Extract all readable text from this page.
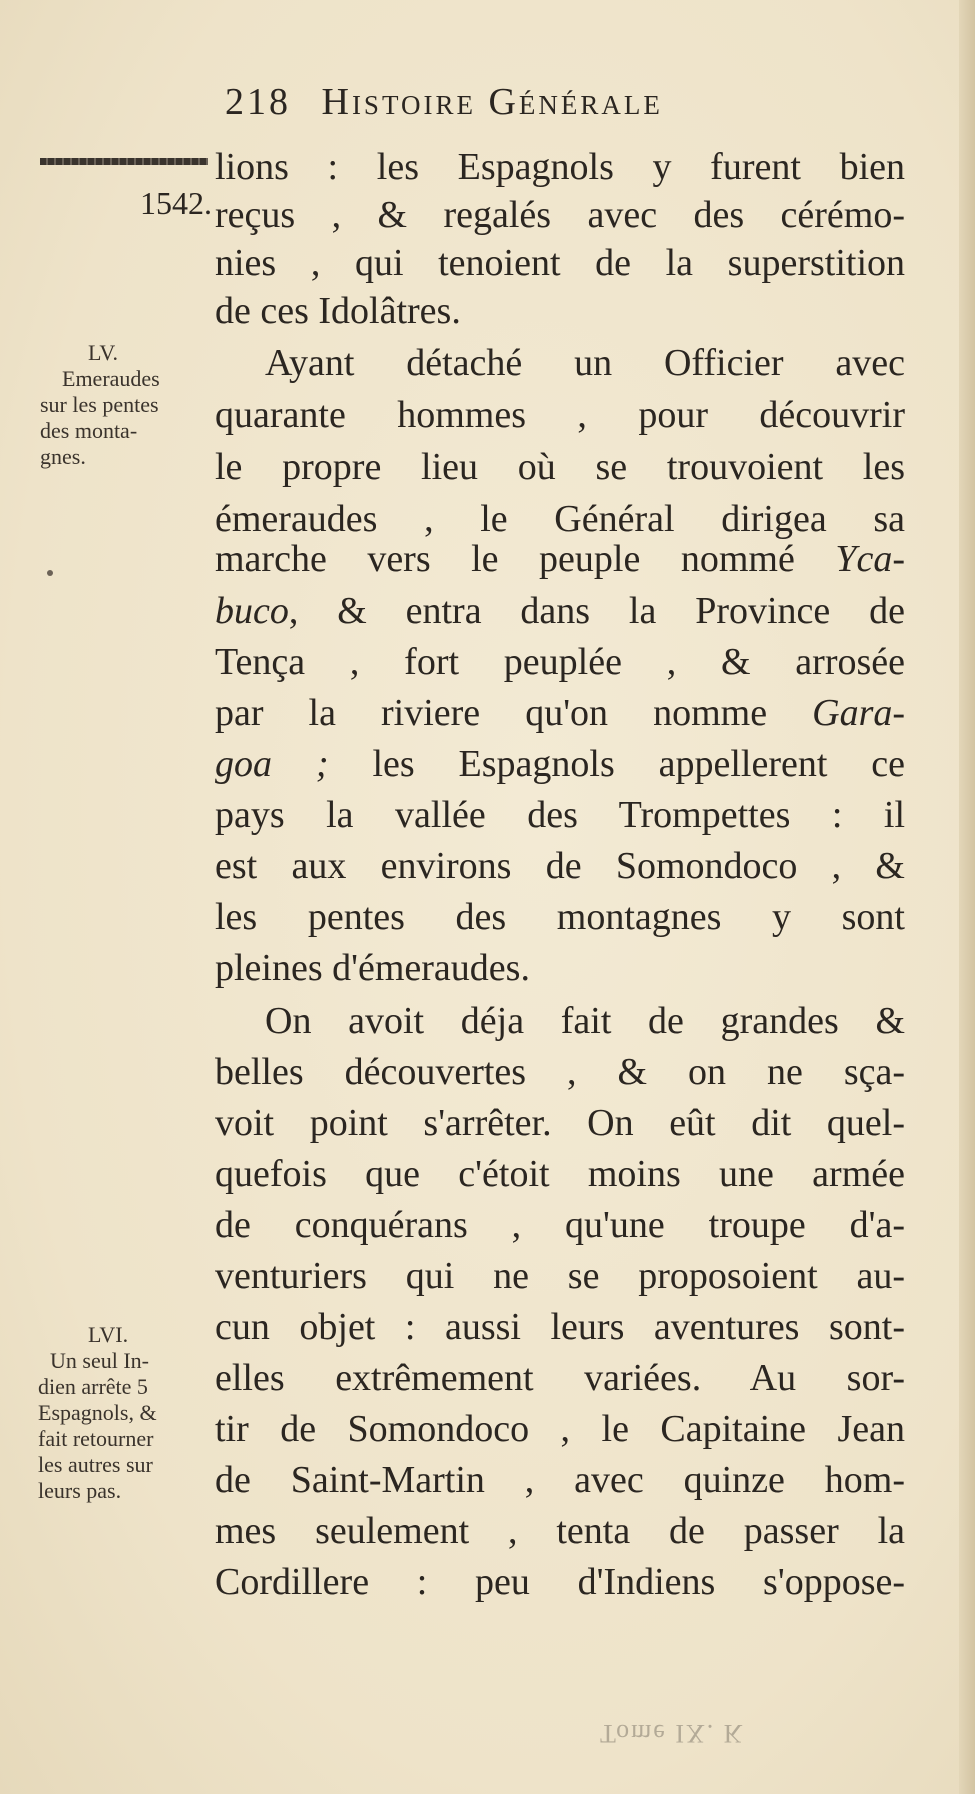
218 Histoire Générale
1542.
LV.
Emeraudes
sur les pentes
des monta-
gnes.
LVI.
Un seul In-
dien arrête 5
Espagnols, &
fait retourner
les autres sur
leurs pas.
lions : les Espagnols y furent bien
reçus , & regalés avec des cérémo-
nies , qui tenoient de la superstition
de ces Idolâtres.
Ayant détaché un Officier avec
quarante hommes , pour découvrir
le propre lieu où se trouvoient les
émeraudes , le Général dirigea sa
marche vers le peuple nommé Yca-
buco, & entra dans la Province de
Tença , fort peuplée , & arrosée
par la riviere qu'on nomme Gara-
goa ; les Espagnols appellerent ce
pays la vallée des Trompettes : il
est aux environs de Somondoco , &
les pentes des montagnes y sont
pleines d'émeraudes.
On avoit déja fait de grandes &
belles découvertes , & on ne sça-
voit point s'arrêter. On eût dit quel-
quefois que c'étoit moins une armée
de conquérans , qu'une troupe d'a-
venturiers qui ne se proposoient au-
cun objet : aussi leurs aventures sont-
elles extrêmement variées. Au sor-
tir de Somondoco , le Capitaine Jean
de Saint-Martin , avec quinze hom-
mes seulement , tenta de passer la
Cordillere : peu d'Indiens s'oppose-
Tome IX. K
